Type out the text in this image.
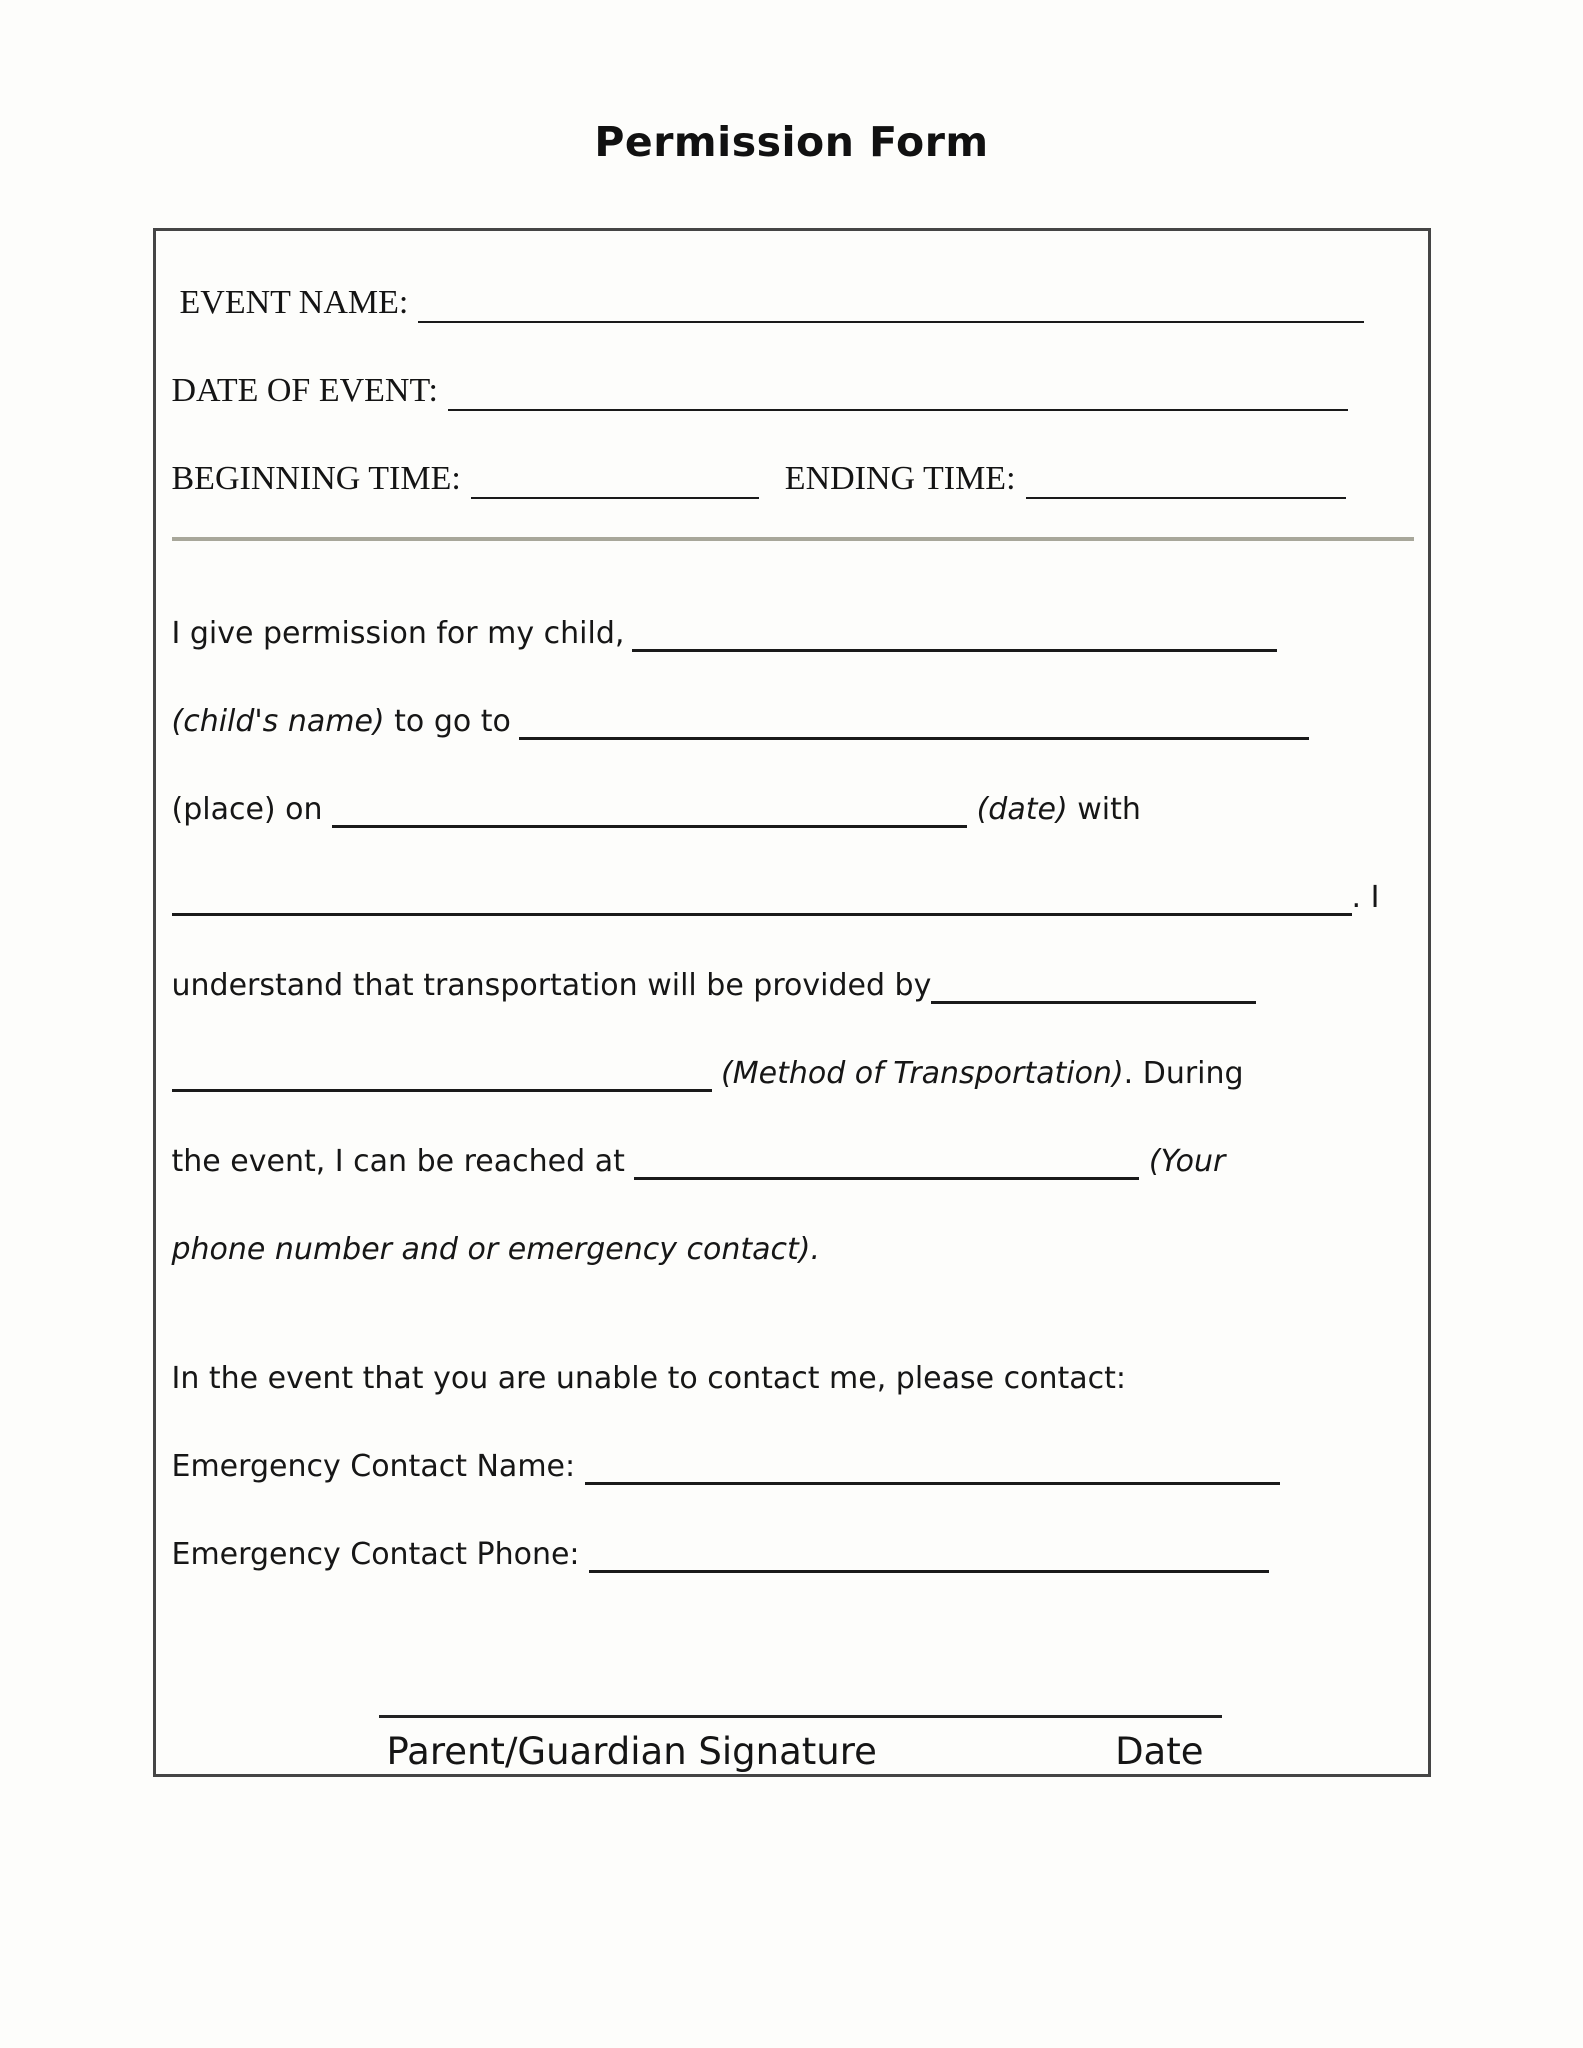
Permission Form
EVENT NAME:
DATE OF EVENT:
BEGINNING TIME:	ENDING TIME:
I give permission for my child,
(child's name) to go to
(place) on	(date) with
. I
understand that transportation will be provided by
(Method of Transportation). During
the event, I can be reached at	(Your
phone number and or emergency contact).
In the event that you are unable to contact me, please contact:
Emergency Contact Name:
Emergency Contact Phone:
Parent/Guardian Signature	Date
